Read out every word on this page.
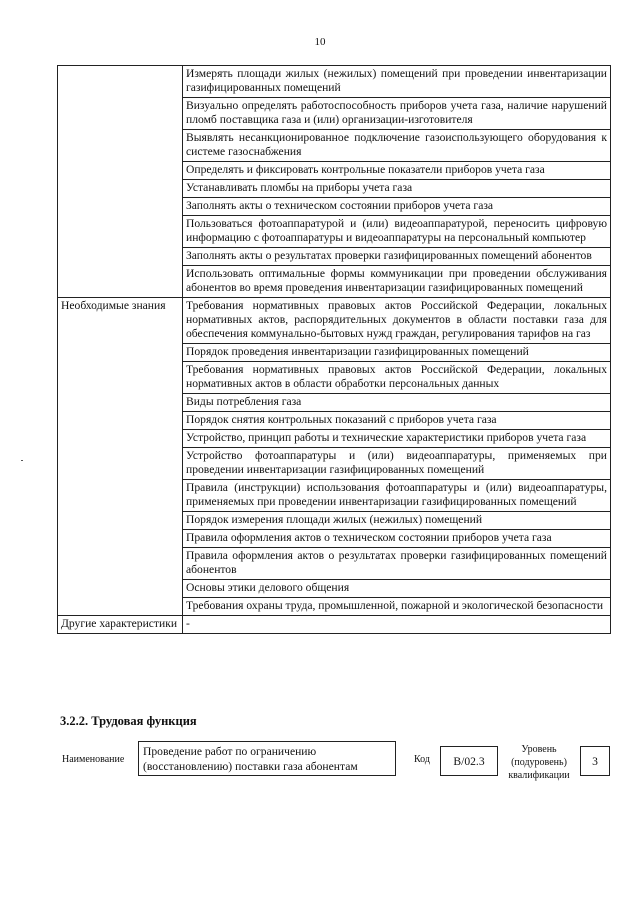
10
	Измерять площади жилых (нежилых) помещений при проведении инвентаризации газифицированных помещений
	Визуально определять работоспособность приборов учета газа, наличие нарушений пломб поставщика газа и (или) организации-изготовителя
	Выявлять несанкционированное подключение газоиспользующего оборудования к системе газоснабжения
	Определять и фиксировать контрольные показатели приборов учета газа
	Устанавливать пломбы на приборы учета газа
	Заполнять акты о техническом состоянии приборов учета газа
	Пользоваться фотоаппаратурой и (или) видеоаппаратурой, переносить цифровую информацию с фотоаппаратуры и видеоаппаратуры на персональный компьютер
	Заполнять акты о результатах проверки газифицированных помещений абонентов
	Использовать оптимальные формы коммуникации при проведении обслуживания абонентов во время проведения инвентаризации газифицированных помещений
Необходимые знания	Требования нормативных правовых актов Российской Федерации, локальных нормативных актов, распорядительных документов в области поставки газа для обеспечения коммунально-бытовых нужд граждан, регулирования тарифов на газ
	Порядок проведения инвентаризации газифицированных помещений
	Требования нормативных правовых актов Российской Федерации, локальных нормативных актов в области обработки персональных данных
	Виды потребления газа
	Порядок снятия контрольных показаний с приборов учета газа
	Устройство, принцип работы и технические характеристики приборов учета газа
	Устройство фотоаппаратуры и (или) видеоаппаратуры, применяемых при проведении инвентаризации газифицированных помещений
	Правила (инструкции) использования фотоаппаратуры и (или) видеоаппаратуры, применяемых при проведении инвентаризации газифицированных помещений
	Порядок измерения площади жилых (нежилых) помещений
	Правила оформления актов о техническом состоянии приборов учета газа
	Правила оформления актов о результатах проверки газифицированных помещений абонентов
	Основы этики делового общения
	Требования охраны труда, промышленной, пожарной и экологической безопасности
Другие характеристики	-
3.2.2. Трудовая функция
Наименование
Проведение работ по ограничению (восстановлению) поставки газа абонентам
Код	В/02.3
Уровень (подуровень) квалификации
3
